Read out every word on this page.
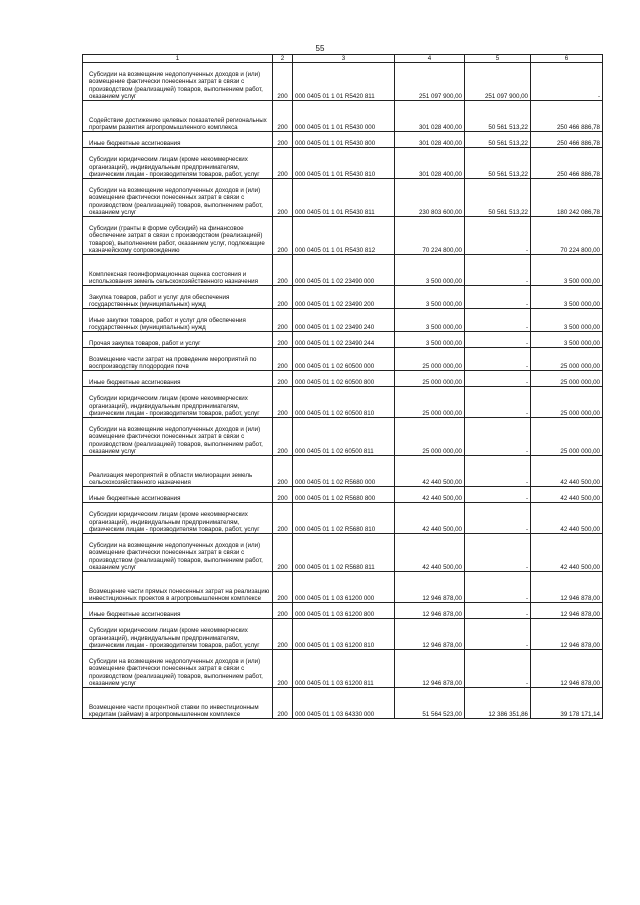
55
1	2	3	4	5	6

Субсидии на возмещение недополученных доходов и (или) возмещение фактически понесенных затрат в связи с производством (реализацией) товаров, выполнением работ, оказанием услуг	200	000 0405 01 1 01 R5420 811	251 097 900,00	251 097 900,00	-

Содействие достижению целевых показателей региональных программ развития агропромышленного комплекса	200	000 0405 01 1 01 R5430 000	301 028 400,00	50 561 513,22	250 466 886,78

Иные бюджетные ассигнования	200	000 0405 01 1 01 R5430 800	301 028 400,00	50 561 513,22	250 466 886,78

Субсидии юридическим лицам (кроме некоммерческих организаций), индивидуальным предпринимателям, физическим лицам - производителям товаров, работ, услуг	200	000 0405 01 1 01 R5430 810	301 028 400,00	50 561 513,22	250 466 886,78

Субсидии на возмещение недополученных доходов и (или) возмещение фактически понесенных затрат в связи с производством (реализацией) товаров, выполнением работ, оказанием услуг	200	000 0405 01 1 01 R5430 811	230 803 600,00	50 561 513,22	180 242 086,78

Субсидии (гранты в форме субсидий) на финансовое обеспечение затрат в связи с производством (реализацией) товаров), выполнением работ, оказанием услуг, подлежащие казначейскому сопровождению	200	000 0405 01 1 01 R5430 812	70 224 800,00	-	70 224 800,00

Комплексная геоинформационная оценка состояния и использования земель сельскохозяйственного назначения	200	000 0405 01 1 02 23490 000	3 500 000,00	-	3 500 000,00

Закупка товаров, работ и услуг для обеспечения государственных (муниципальных) нужд	200	000 0405 01 1 02 23490 200	3 500 000,00	-	3 500 000,00

Иные закупки товаров, работ и услуг для обеспечения государственных (муниципальных) нужд	200	000 0405 01 1 02 23490 240	3 500 000,00	-	3 500 000,00

Прочая закупка товаров, работ и услуг	200	000 0405 01 1 02 23490 244	3 500 000,00	-	3 500 000,00

Возмещение части затрат на проведение мероприятий по воспроизводству плодородия почв	200	000 0405 01 1 02 60500 000	25 000 000,00	-	25 000 000,00

Иные бюджетные ассигнования	200	000 0405 01 1 02 60500 800	25 000 000,00	-	25 000 000,00

Субсидии юридическим лицам (кроме некоммерческих организаций), индивидуальным предпринимателям, физическим лицам - производителям товаров, работ, услуг	200	000 0405 01 1 02 60500 810	25 000 000,00	-	25 000 000,00

Субсидии на возмещение недополученных доходов и (или) возмещение фактически понесенных затрат в связи с производством (реализацией) товаров, выполнением работ, оказанием услуг	200	000 0405 01 1 02 60500 811	25 000 000,00	-	25 000 000,00

Реализация мероприятий в области мелиорации земель сельскохозяйственного назначения	200	000 0405 01 1 02 R5680 000	42 440 500,00	-	42 440 500,00

Иные бюджетные ассигнования	200	000 0405 01 1 02 R5680 800	42 440 500,00	-	42 440 500,00

Субсидии юридическим лицам (кроме некоммерческих организаций), индивидуальным предпринимателям, физическим лицам - производителям товаров, работ, услуг	200	000 0405 01 1 02 R5680 810	42 440 500,00	-	42 440 500,00

Субсидии на возмещение недополученных доходов и (или) возмещение фактически понесенных затрат в связи с производством (реализацией) товаров, выполнением работ, оказанием услуг	200	000 0405 01 1 02 R5680 811	42 440 500,00	-	42 440 500,00

Возмещение части прямых понесенных затрат на реализацию инвестиционных проектов в агропромышленном комплексе	200	000 0405 01 1 03 61200 000	12 946 878,00	-	12 946 878,00

Иные бюджетные ассигнования	200	000 0405 01 1 03 61200 800	12 946 878,00	-	12 946 878,00

Субсидии юридическим лицам (кроме некоммерческих организаций), индивидуальным предпринимателям, физическим лицам - производителям товаров, работ, услуг	200	000 0405 01 1 03 61200 810	12 946 878,00	-	12 946 878,00

Субсидии на возмещение недополученных доходов и (или) возмещение фактически понесенных затрат в связи с производством (реализацией) товаров, выполнением работ, оказанием услуг	200	000 0405 01 1 03 61200 811	12 946 878,00	-	12 946 878,00

Возмещение части процентной ставки по инвестиционным кредитам (займам) в агропромышленном комплексе	200	000 0405 01 1 03 64330 000	51 564 523,00	12 386 351,86	39 178 171,14
